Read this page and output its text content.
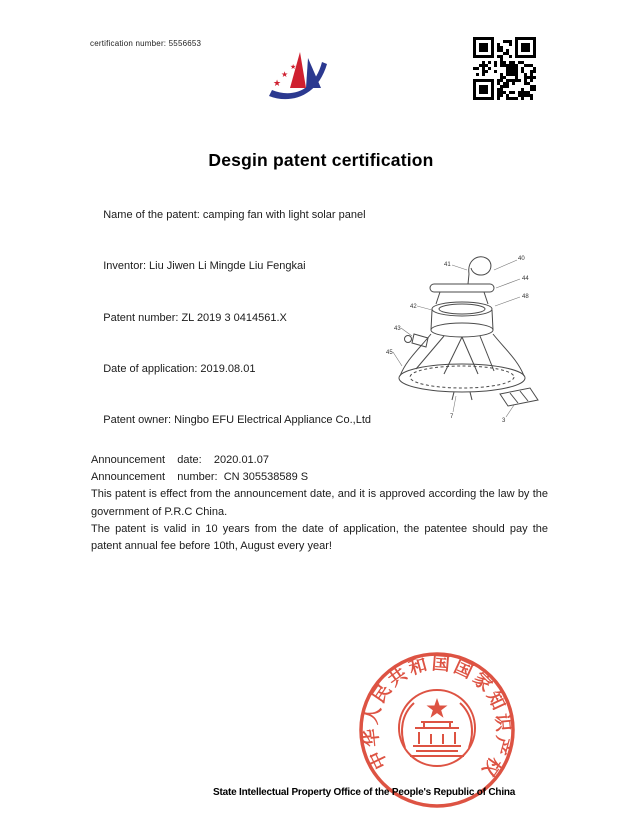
certification number: 5556653
★
★
★
Desgin patent certification

Name of the patent: camping fan with light solar panel

Inventor: Liu Jiwen Li Mingde Liu Fengkai

Patent number: ZL 2019 3 0414561.X

Date of application: 2019.08.01

Patent owner: Ningbo EFU Electrical Appliance Co.,Ltd

Announcement    date:    2020.01.07
Announcement    number:  CN 305538589 S

This patent is effect from the announcement date, and it is approved according the law by the government of P.R.C China.

The patent is valid in 10 years from the date of application, the patentee should pay the patent annual fee before 10th, August every year!

41
40
44
48
42
43
45
7
3
中华人民共和国国家知识产权局
State Intellectual Property Office of the People's Republic of China
